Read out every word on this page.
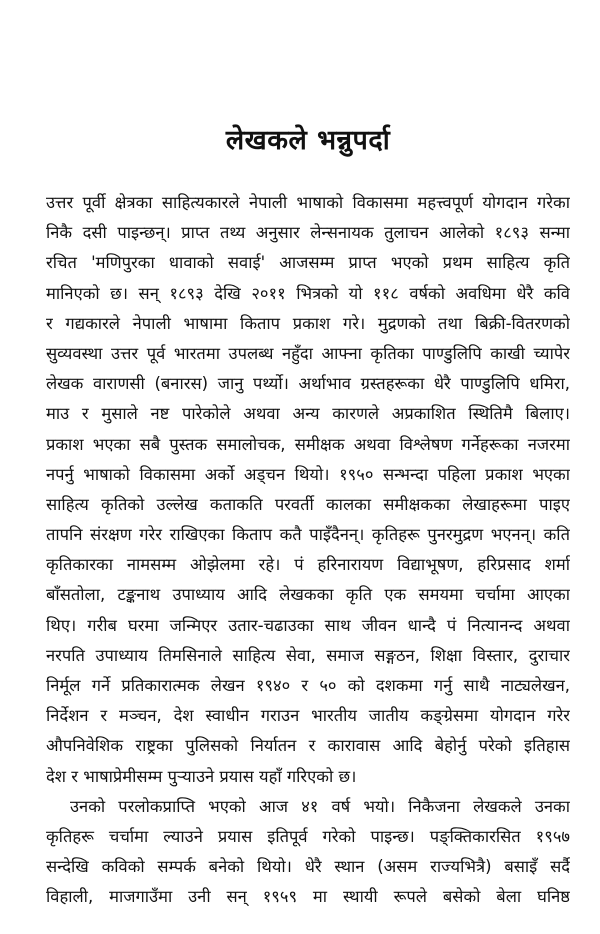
लेखकले भन्नुपर्दा
उत्तर पूर्वी क्षेत्रका साहित्यकारले नेपाली भाषाको विकासमा महत्त्वपूर्ण योगदान गरेका
निकै दसी पाइन्छन्। प्राप्त तथ्य अनुसार लेन्सनायक तुलाचन आलेको १८९३ सन्मा
रचित 'मणिपुरका धावाको सवाई' आजसम्म प्राप्त भएको प्रथम साहित्य कृति
मानिएको छ। सन् १८९३ देखि २०११ भित्रको यो ११८ वर्षको अवधिमा धेरै कवि
र गद्यकारले नेपाली भाषामा किताप प्रकाश गरे। मुद्रणको तथा बिक्री-वितरणको
सुव्यवस्था उत्तर पूर्व भारतमा उपलब्ध नहुँदा आफ्ना कृतिका पाण्डुलिपि काखी च्यापेर
लेखक वाराणसी (बनारस) जानु पर्थ्यो। अर्थाभाव ग्रस्तहरूका धेरै पाण्डुलिपि धमिरा,
माउ र मुसाले नष्ट पारेकोले अथवा अन्य कारणले अप्रकाशित स्थितिमै बिलाए।
प्रकाश भएका सबै पुस्तक समालोचक, समीक्षक अथवा विश्लेषण गर्नेहरूका नजरमा
नपर्नु भाषाको विकासमा अर्को अड्चन थियो। १९५० सन्भन्दा पहिला प्रकाश भएका
साहित्य कृतिको उल्लेख कताकति परवर्ती कालका समीक्षकका लेखाहरूमा पाइए
तापनि संरक्षण गरेर राखिएका किताप कतै पाइँदैनन्। कृतिहरू पुनरमुद्रण भएनन्। कति
कृतिकारका नामसम्म ओझेलमा रहे। पं हरिनारायण विद्याभूषण, हरिप्रसाद शर्मा
बाँसतोला, टङ्कनाथ उपाध्याय आदि लेखकका कृति एक समयमा चर्चामा आएका
थिए। गरीब घरमा जन्मिएर उतार-चढाउका साथ जीवन धान्दै पं नित्यानन्द अथवा
नरपति उपाध्याय तिमसिनाले साहित्य सेवा, समाज सङ्गठन, शिक्षा विस्तार, दुराचार
निर्मूल गर्ने प्रतिकारात्मक लेखन १९४० र ५० को दशकमा गर्नु साथै नाट्यलेखन,
निर्देशन र मञ्चन, देश स्वाधीन गराउन भारतीय जातीय कङ्ग्रेसमा योगदान गरेर
औपनिवेशिक राष्ट्रका पुलिसको निर्यातन र कारावास आदि बेहोर्नु परेको इतिहास
देश र भाषाप्रेमीसम्म पुऱ्याउने प्रयास यहाँ गरिएको छ।
उनको परलोकप्राप्ति भएको आज ४१ वर्ष भयो। निकैजना लेखकले उनका
कृतिहरू चर्चामा ल्याउने प्रयास इतिपूर्व गरेको पाइन्छ। पङ्क्तिकारसित १९५७
सन्देखि कविको सम्पर्क बनेको थियो। धेरै स्थान (असम राज्यभित्रै) बसाइँ सर्दै
विहाली, माजगाउँमा उनी सन् १९५९ मा स्थायी रूपले बसेको बेला घनिष्ठ
